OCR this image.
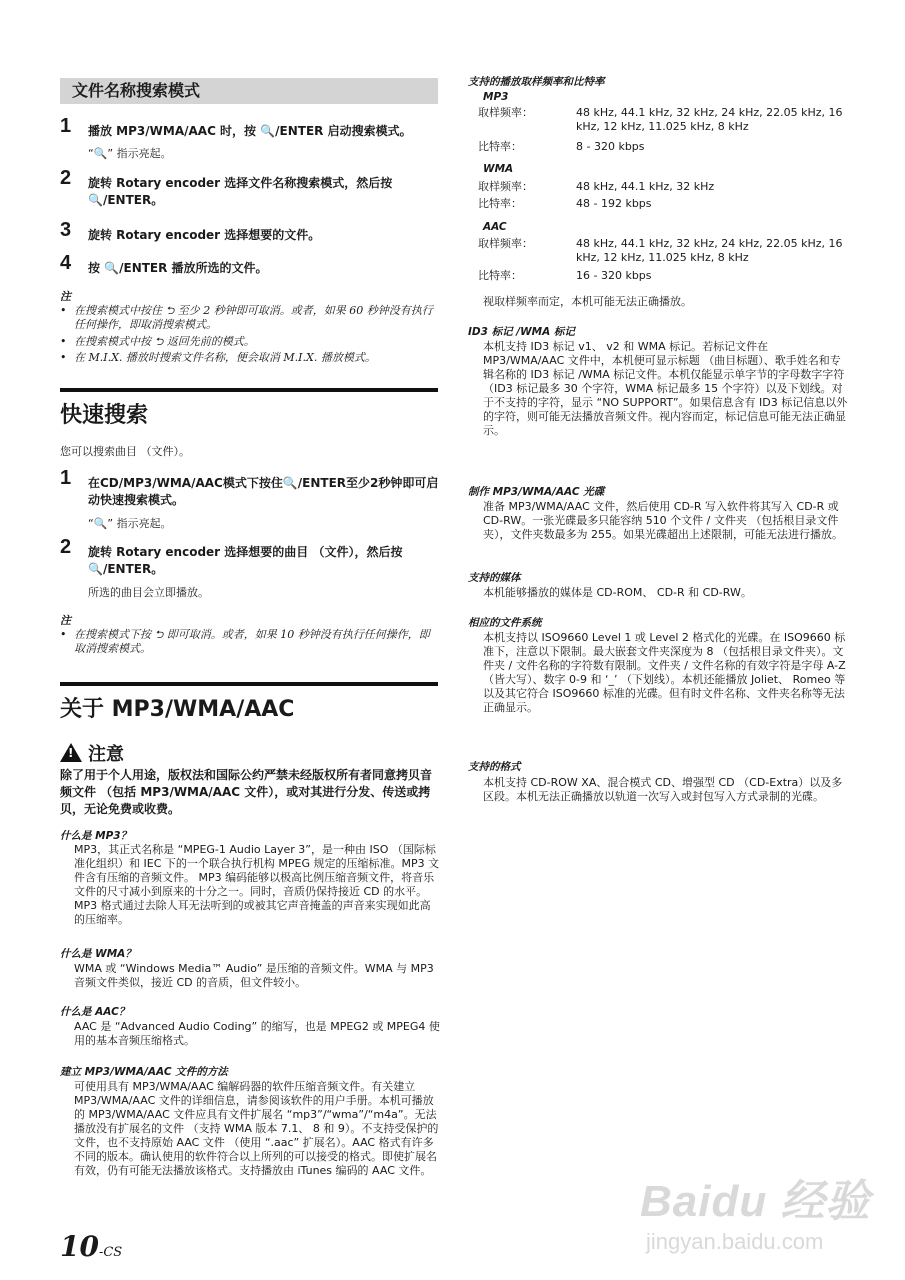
文件名称搜索模式
1 播放 MP3/WMA/AAC 时，按 🔍/ENTER 启动搜索模式。
“🔍” 指示亮起。
2 旋转 Rotary encoder 选择文件名称搜索模式，然后按 🔍/ENTER。
3 旋转 Rotary encoder 选择想要的文件。
4 按 🔍/ENTER 播放所选的文件。
注
• 在搜索模式中按住 ⮌ 至少 2 秒钟即可取消。或者，如果 60 秒钟没有执行任何操作，即取消搜索模式。
• 在搜索模式中按 ⮌ 返回先前的模式。
• 在 M.I.X. 播放时搜索文件名称，便会取消 M.I.X. 播放模式。
快速搜索
您可以搜索曲目 （文件）。
1 在CD/MP3/WMA/AAC模式下按住🔍/ENTER至少2秒钟即可启动快速搜索模式。
“🔍” 指示亮起。
2 旋转 Rotary encoder 选择想要的曲目 （文件），然后按 🔍/ENTER。
所选的曲目会立即播放。
注
• 在搜索模式下按 ⮌ 即可取消。或者，如果 10 秒钟没有执行任何操作，即取消搜索模式。
关于 MP3/WMA/AAC
!注意
除了用于个人用途，版权法和国际公约严禁未经版权所有者同意拷贝音频文件 （包括 MP3/WMA/AAC 文件），或对其进行分发、传送或拷贝，无论免费或收费。
什么是 MP3？
MP3，其正式名称是 “MPEG-1 Audio Layer 3”，是一种由 ISO （国际标准化组织）和 IEC 下的一个联合执行机构 MPEG 规定的压缩标准。MP3 文件含有压缩的音频文件。 MP3 编码能够以极高比例压缩音频文件，将音乐文件的尺寸减小到原来的十分之一。同时，音质仍保持接近 CD 的水平。 MP3 格式通过去除人耳无法听到的或被其它声音掩盖的声音来实现如此高的压缩率。
什么是 WMA？
WMA 或 “Windows Media™ Audio” 是压缩的音频文件。WMA 与 MP3 音频文件类似，接近 CD 的音质，但文件较小。
什么是 AAC？
AAC 是 “Advanced Audio Coding” 的缩写，也是 MPEG2 或 MPEG4 使用的基本音频压缩格式。
建立 MP3/WMA/AAC 文件的方法
可使用具有 MP3/WMA/AAC 编解码器的软件压缩音频文件。有关建立 MP3/WMA/AAC 文件的详细信息，请参阅该软件的用户手册。本机可播放的 MP3/WMA/AAC 文件应具有文件扩展名 “mp3”/“wma”/“m4a”。无法播放没有扩展名的文件 （支持 WMA 版本 7.1、 8 和 9）。不支持受保护的文件，也不支持原始 AAC 文件 （使用 “.aac” 扩展名）。AAC 格式有许多不同的版本。确认使用的软件符合以上所列的可以接受的格式。即使扩展名有效，仍有可能无法播放该格式。支持播放由 iTunes 编码的 AAC 文件。
支持的播放取样频率和比特率
MP3
取样频率：	48 kHz, 44.1 kHz, 32 kHz, 24 kHz, 22.05 kHz, 16 kHz, 12 kHz, 11.025 kHz, 8 kHz
比特率：	8 - 320 kbps
WMA
取样频率：	48 kHz, 44.1 kHz, 32 kHz
比特率：	48 - 192 kbps
AAC
取样频率：	48 kHz, 44.1 kHz, 32 kHz, 24 kHz, 22.05 kHz, 16 kHz, 12 kHz, 11.025 kHz, 8 kHz
比特率：	16 - 320 kbps
视取样频率而定，本机可能无法正确播放。
ID3 标记 /WMA 标记
本机支持 ID3 标记 v1、 v2 和 WMA 标记。若标记文件在 MP3/WMA/AAC 文件中，本机便可显示标题 （曲目标题）、歌手姓名和专辑名称的 ID3 标记 /WMA 标记文件。本机仅能显示单字节的字母数字字符 （ID3 标记最多 30 个字符，WMA 标记最多 15 个字符）以及下划线。对于不支持的字符，显示 “NO SUPPORT”。如果信息含有 ID3 标记信息以外的字符，则可能无法播放音频文件。视内容而定，标记信息可能无法正确显示。
制作 MP3/WMA/AAC 光碟
准备 MP3/WMA/AAC 文件，然后使用 CD-R 写入软件将其写入 CD-R 或 CD-RW。一张光碟最多只能容纳 510 个文件 / 文件夹 （包括根目录文件夹），文件夹数最多为 255。如果光碟超出上述限制，可能无法进行播放。
支持的媒体
本机能够播放的媒体是 CD-ROM、 CD-R 和 CD-RW。
相应的文件系统
本机支持以 ISO9660 Level 1 或 Level 2 格式化的光碟。在 ISO9660 标准下，注意以下限制。最大嵌套文件夹深度为 8 （包括根目录文件夹）。文件夹 / 文件名称的字符数有限制。文件夹 / 文件名称的有效字符是字母 A-Z （皆大写）、数字 0-9 和 ‘_’ （下划线）。本机还能播放 Joliet、 Romeo 等以及其它符合 ISO9660 标准的光碟。但有时文件名称、文件夹名称等无法正确显示。
支持的格式
本机支持 CD-ROW XA、混合模式 CD、增强型 CD （CD-Extra）以及多区段。本机无法正确播放以轨道一次写入或封包写入方式录制的光碟。
10-CS
Baidu 经验
jingyan.baidu.com
